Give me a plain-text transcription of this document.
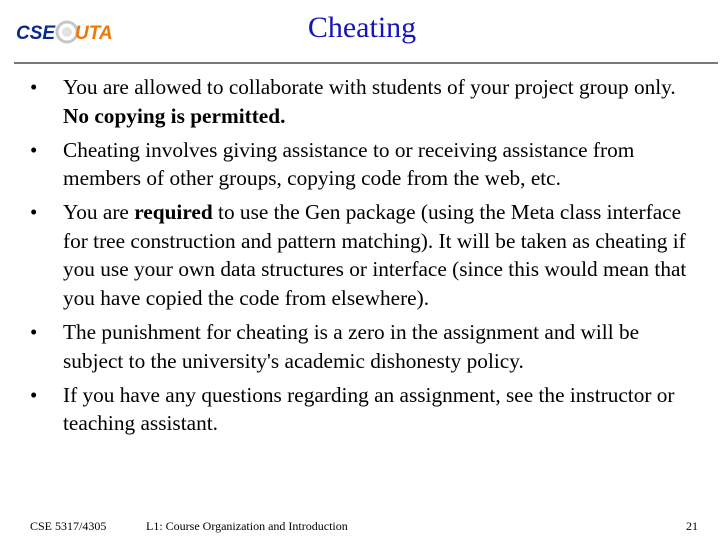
CSE UTA	Cheating
• You are allowed to collaborate with students of your project group only. No copying is permitted.
• Cheating involves giving assistance to or receiving assistance from members of other groups, copying code from the web, etc.
• You are required to use the Gen package (using the Meta class interface for tree construction and pattern matching). It will be taken as cheating if you use your own data structures or interface (since this would mean that you have copied the code from elsewhere).
• The punishment for cheating is a zero in the assignment and will be subject to the university's academic dishonesty policy.
• If you have any questions regarding an assignment, see the instructor or teaching assistant.
CSE 5317/4305	L1: Course Organization and Introduction	21
